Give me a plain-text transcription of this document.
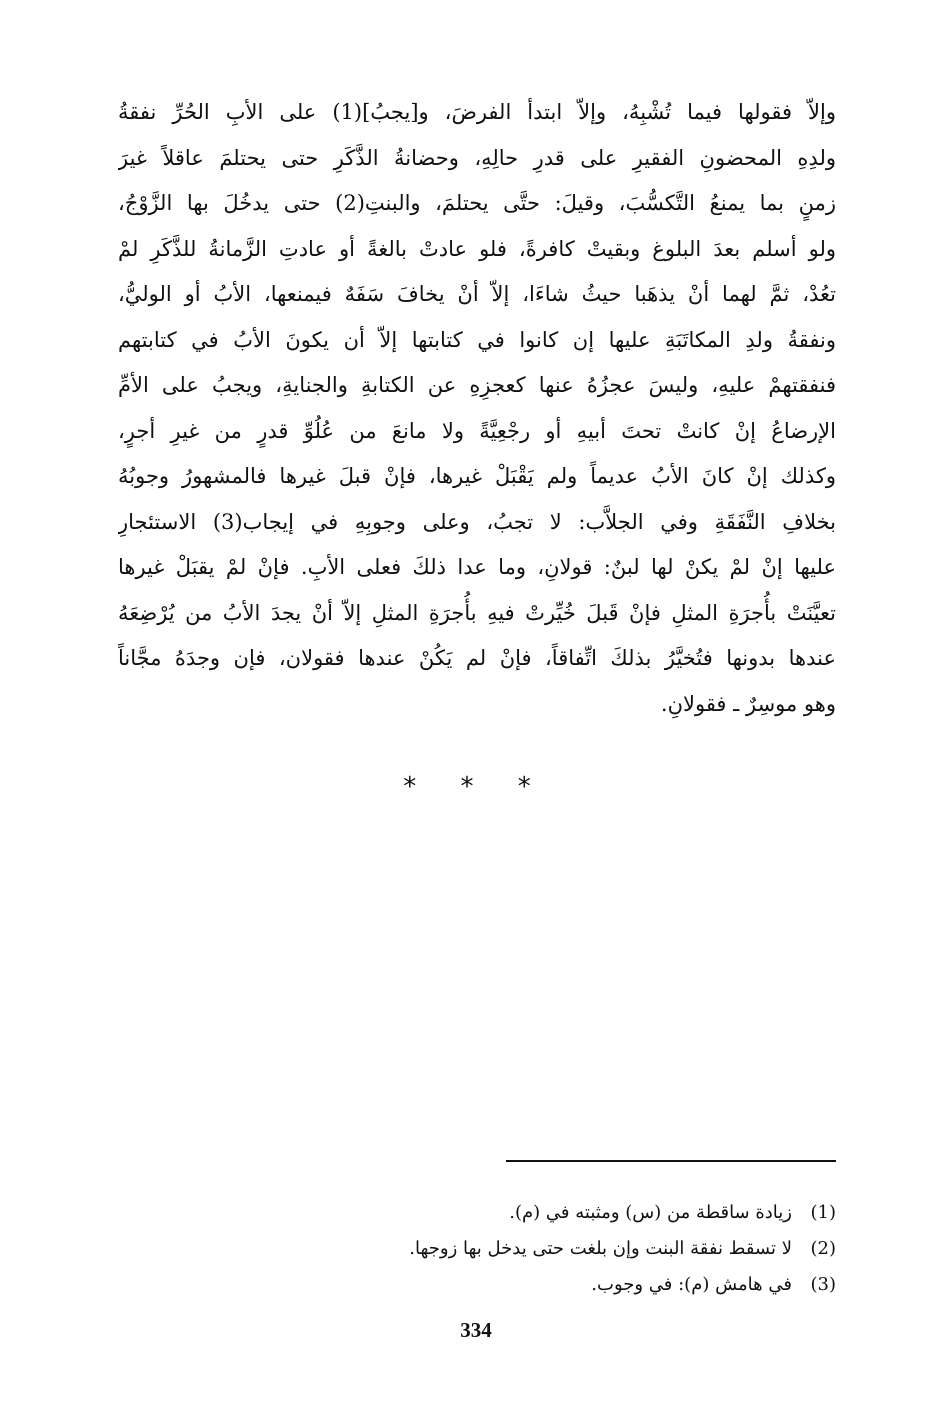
وإلاّ فقولها فيما تُشْبِهُ، وإلاّ ابتدأ الفرضَ، و[يجبُ](1) على الأبِ الحُرِّ نفقةُ
ولدِهِ المحضونِ الفقيرِ على قدرِ حالِهِ، وحضانةُ الذَّكَرِ حتى يحتلمَ عاقلاً غيرَ
زمنٍ بما يمنعُ التَّكسُّبَ، وقيلَ: حتَّى يحتلمَ، والبنتِ(2) حتى يدخُلَ بها الزَّوْجُ،
ولو أسلم بعدَ البلوغ وبقيتْ كافرةً، فلو عادتْ بالغةً أو عادتِ الزَّمانةُ للذَّكَرِ لمْ
تعُدْ، ثمَّ لهما أنْ يذهَبا حيثُ شاءَا، إلاّ أنْ يخافَ سَفَهٌ فيمنعها، الأبُ أو الوليُّ،
ونفقةُ ولدِ المكاتَبَةِ عليها إن كانوا في كتابتها إلاّ أن يكونَ الأبُ في كتابتهم
فنفقتهمْ عليهِ، وليسَ عجزُهُ عنها كعجزِهِ عن الكتابةِ والجنايةِ، ويجبُ على الأمِّ
الإرضاعُ إنْ كانتْ تحتَ أبيهِ أو رجْعِيَّةً ولا مانعَ من عُلُوِّ قدرٍ من غيرِ أجرٍ،
وكذلك إنْ كانَ الأبُ عديماً ولم يَقْبَلْ غيرها، فإنْ قبلَ غيرها فالمشهورُ وجوبُهُ
بخلافِ النَّفَقَةِ وفي الجلاَّب: لا تجبُ، وعلى وجوبِهِ في إيجاب(3) الاستئجارِ
عليها إنْ لمْ يكنْ لها لبنٌ: قولانِ، وما عدا ذلكَ فعلى الأبِ. فإنْ لمْ يقبَلْ غيرها
تعيَّنَتْ بأُجرَةِ المثلِ فإنْ قَبلَ خُيِّرتْ فيهِ بأُجرَةِ المثلِ إلاّ أنْ يجدَ الأبُ من يُرْضِعَهُ
عندها بدونها فتُخيَّرُ بذلكَ اتِّفاقاً، فإنْ لم يَكُنْ عندها فقولان، فإن وجدَهُ مجَّاناً
وهو موسِرٌ ـ فقولانِ.
* * *
(1)
زيادة ساقطة من (س) ومثبته في (م).
(2)
لا تسقط نفقة البنت وإن بلغت حتى يدخل بها زوجها.
(3)
في هامش (م): في وجوب.
334
